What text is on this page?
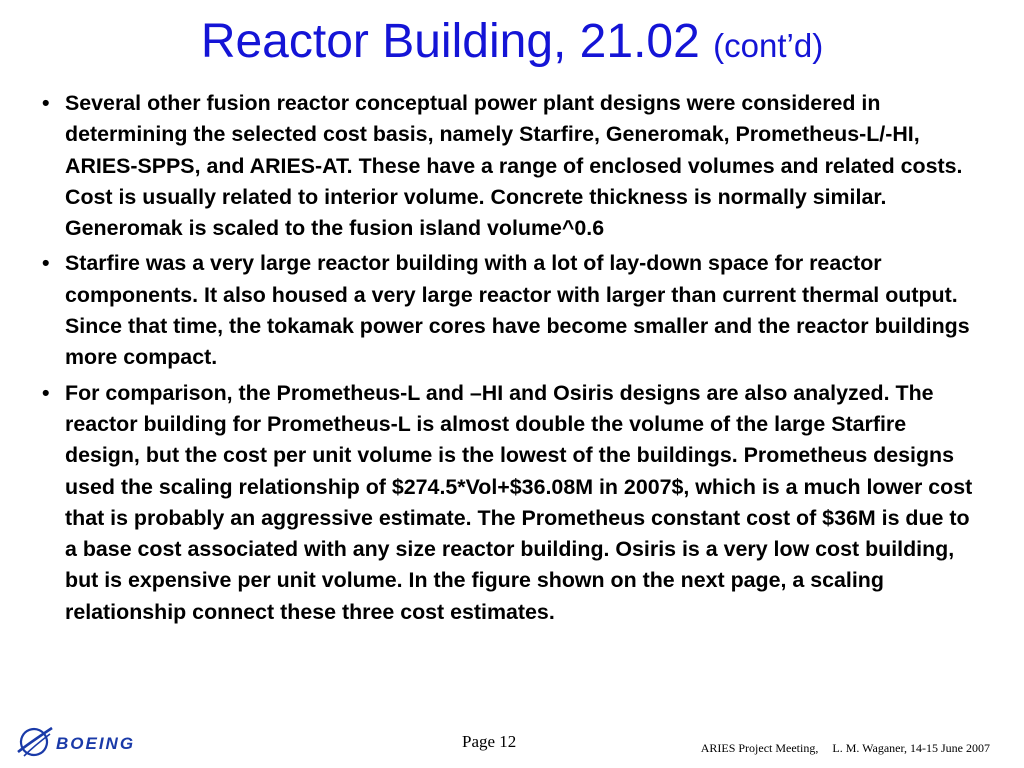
Reactor Building, 21.02 (cont’d)
• Several other fusion reactor conceptual power plant designs were considered in determining the selected cost basis, namely Starfire, Generomak, Prometheus-L/-HI, ARIES-SPPS, and ARIES-AT. These have a range of enclosed volumes and related costs. Cost is usually related to interior volume. Concrete thickness is normally similar. Generomak is scaled to the fusion island volume^0.6
• Starfire was a very large reactor building with a lot of lay-down space for reactor components. It also housed a very large reactor with larger than current thermal output. Since that time, the tokamak power cores have become smaller and the reactor buildings more compact.
• For comparison, the Prometheus-L and –HI and Osiris designs are also analyzed. The reactor building for Prometheus-L is almost double the volume of the large Starfire design, but the cost per unit volume is the lowest of the buildings. Prometheus designs used the scaling relationship of $274.5*Vol+$36.08M in 2007$, which is a much lower cost that is probably an aggressive estimate. The Prometheus constant cost of $36M is due to a base cost associated with any size reactor building. Osiris is a very low cost building, but is expensive per unit volume. In the figure shown on the next page, a scaling relationship connect these three cost estimates.
BOEING	Page 12	ARIES Project Meeting, L. M. Waganer, 14-15 June 2007
